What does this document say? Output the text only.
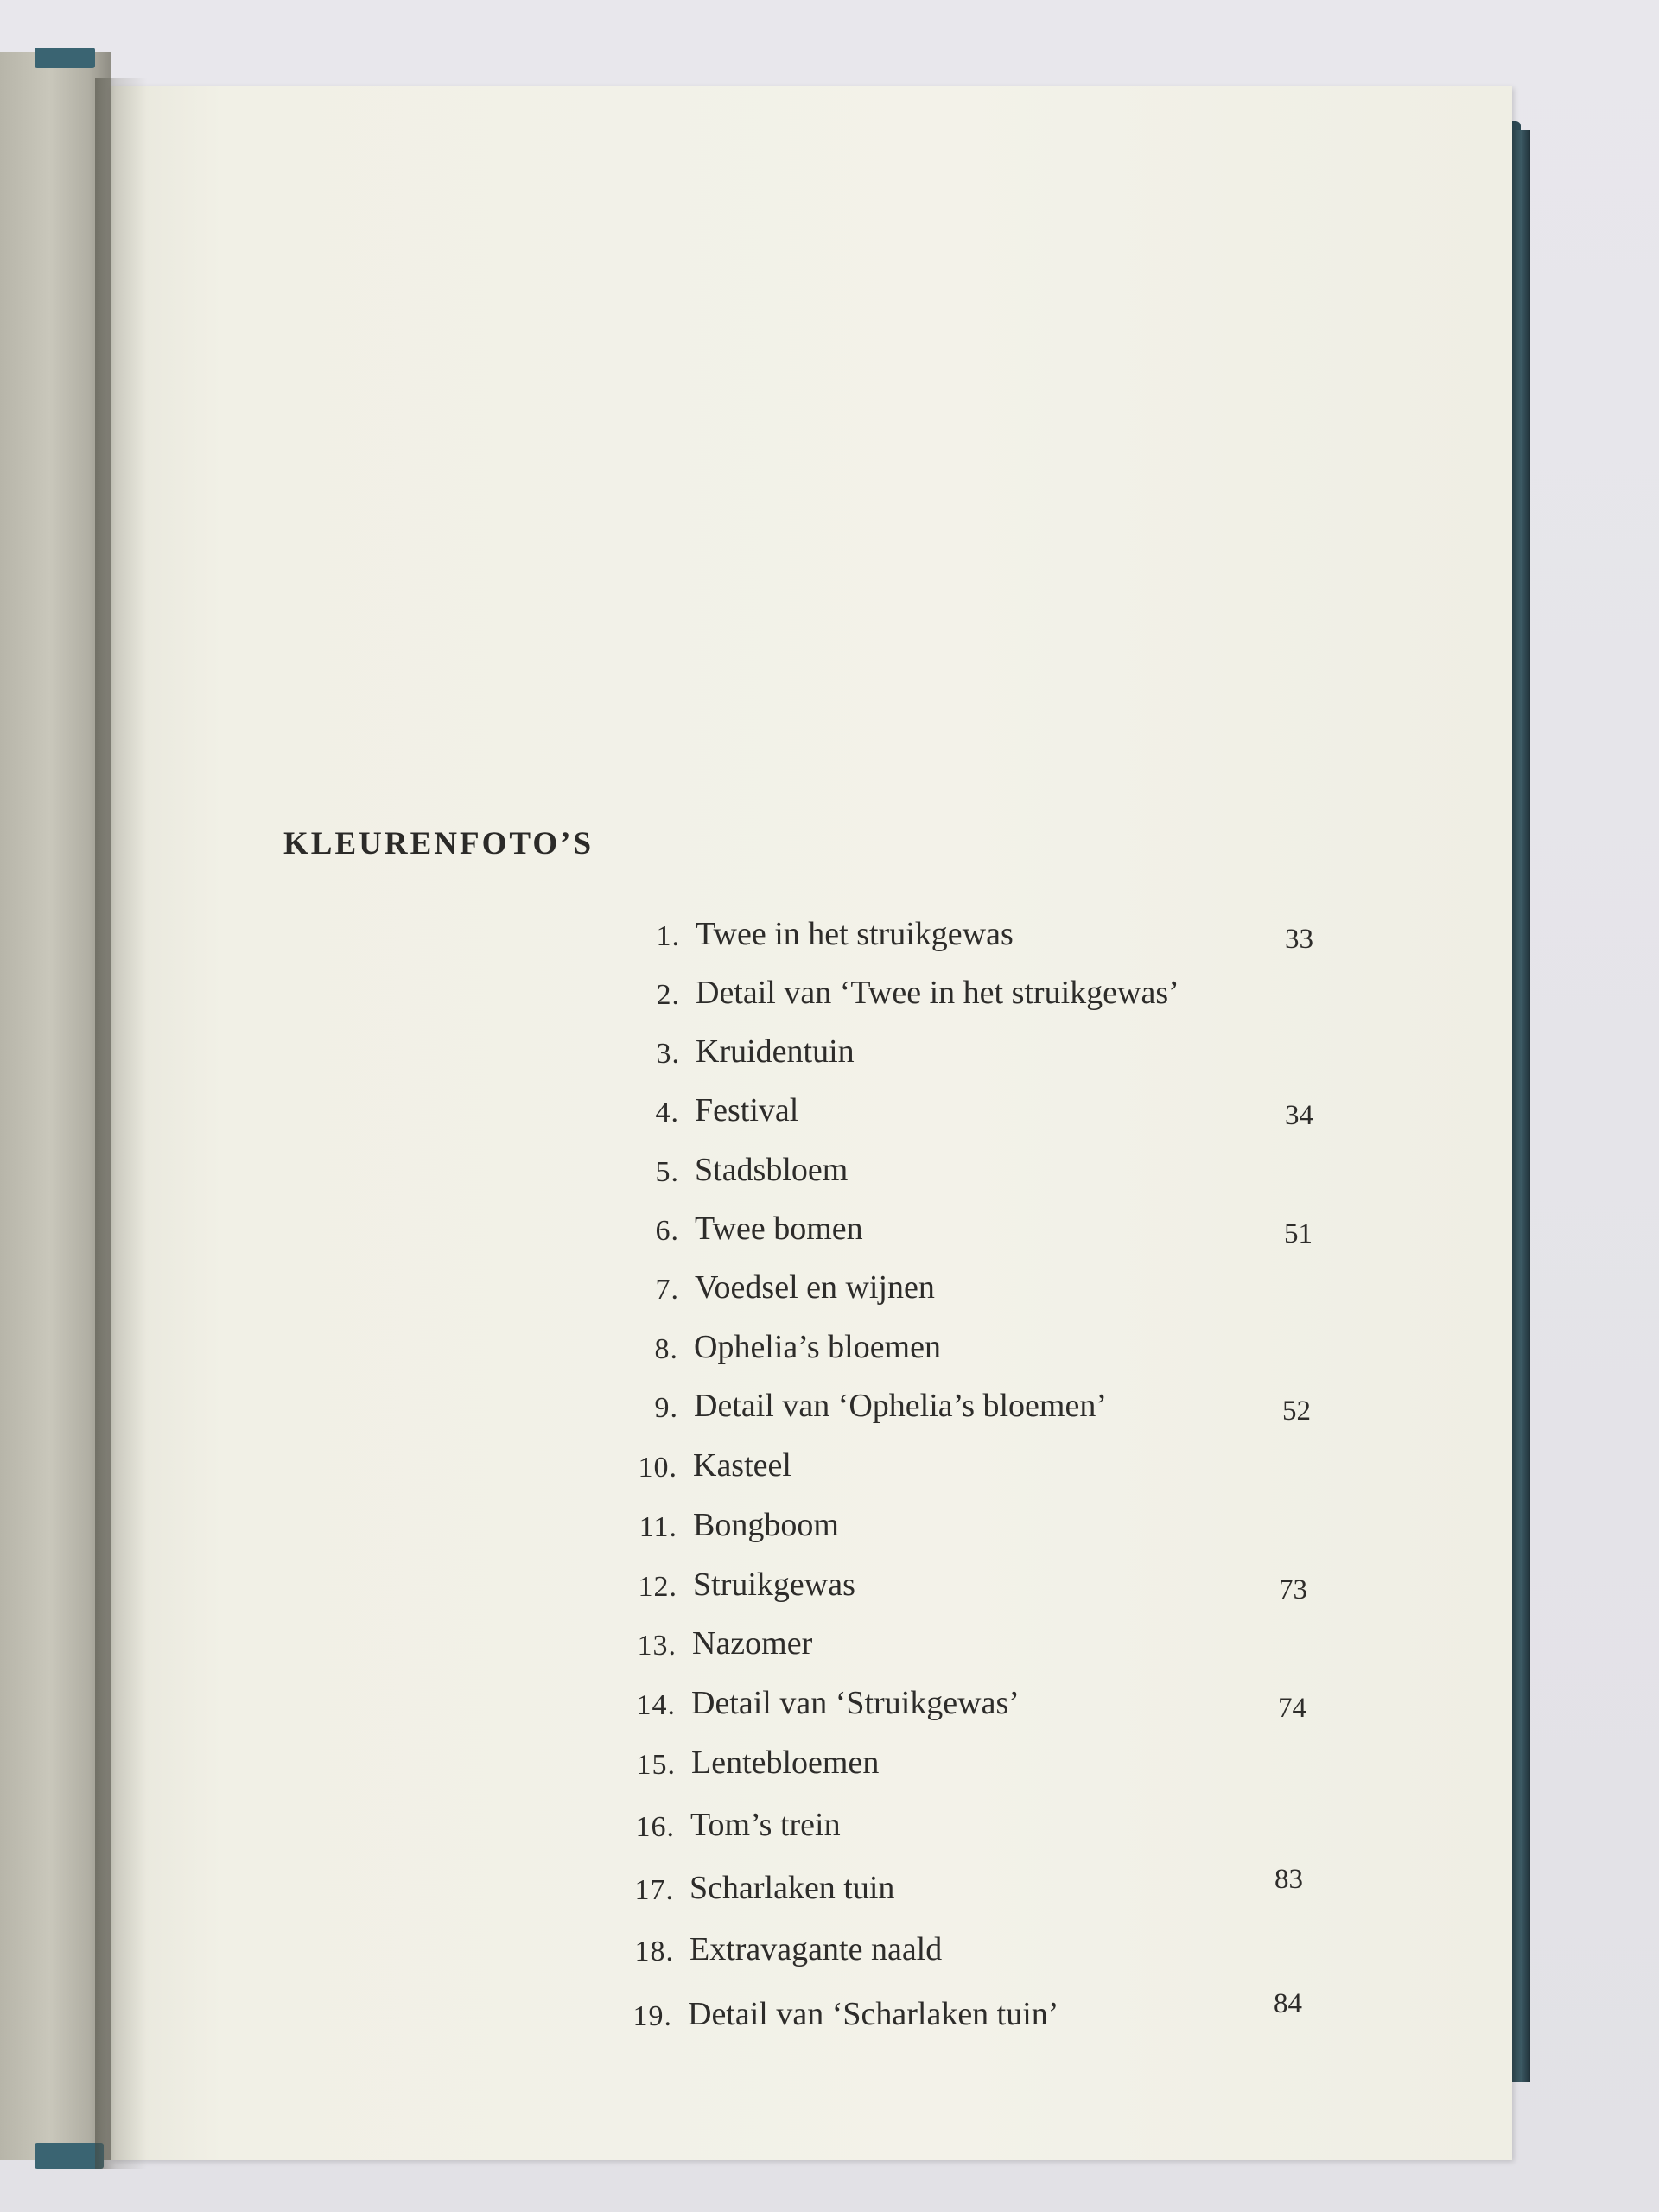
KLEURENFOTO’S
1. Twee in het struikgewas	33
2. Detail van ‘Twee in het struikgewas’
3. Kruidentuin
4. Festival	34
5. Stadsbloem
6. Twee bomen	51
7. Voedsel en wijnen
8. Ophelia’s bloemen
9. Detail van ‘Ophelia’s bloemen’	52
10. Kasteel
11. Bongboom
12. Struikgewas	73
13. Nazomer
14. Detail van ‘Struikgewas’	74
15. Lentebloemen
16. Tom’s trein
17. Scharlaken tuin	83
18. Extravagante naald
19. Detail van ‘Scharlaken tuin’	84
